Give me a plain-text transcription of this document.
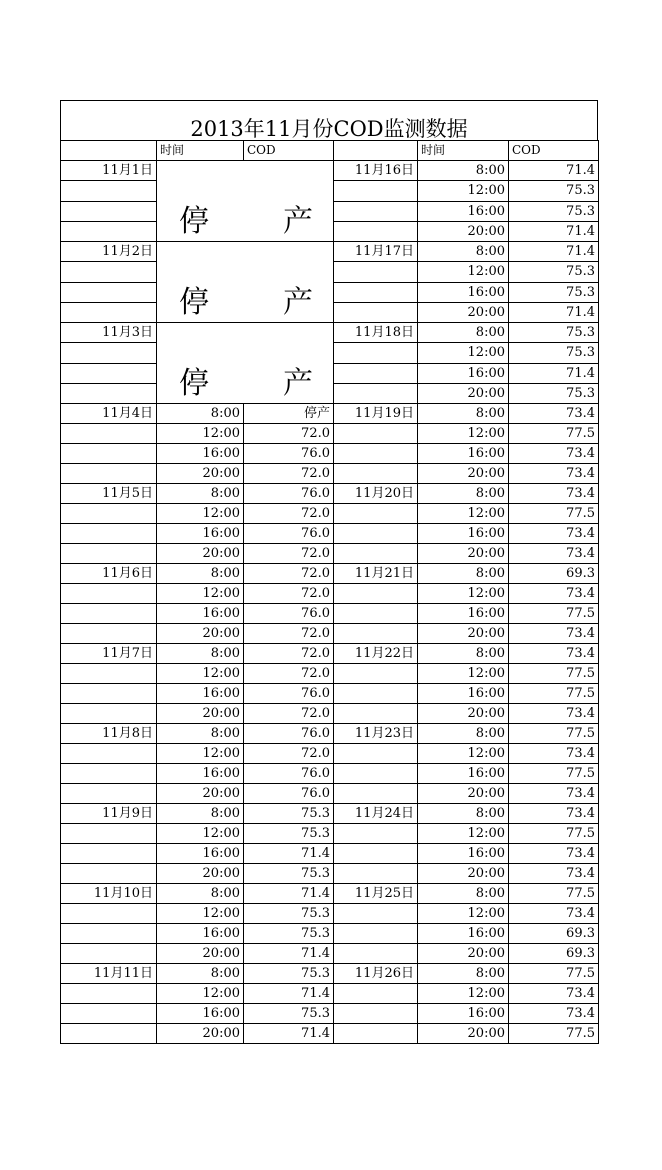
2013年11月份COD监测数据
	时间	COD		时间	COD
11月1日	停 产		11月16日	8:00	71.4
				12:00	75.3
				16:00	75.3
				20:00	71.4
11月2日	停 产		11月17日	8:00	71.4
				12:00	75.3
				16:00	75.3
				20:00	71.4
11月3日	停 产		11月18日	8:00	75.3
				12:00	75.3
				16:00	71.4
				20:00	75.3
11月4日	8:00	停产	11月19日	8:00	73.4
	12:00	72.0		12:00	77.5
	16:00	76.0		16:00	73.4
	20:00	72.0		20:00	73.4
11月5日	8:00	76.0	11月20日	8:00	73.4
	12:00	72.0		12:00	77.5
	16:00	76.0		16:00	73.4
	20:00	72.0		20:00	73.4
11月6日	8:00	72.0	11月21日	8:00	69.3
	12:00	72.0		12:00	73.4
	16:00	76.0		16:00	77.5
	20:00	72.0		20:00	73.4
11月7日	8:00	72.0	11月22日	8:00	73.4
	12:00	72.0		12:00	77.5
	16:00	76.0		16:00	77.5
	20:00	72.0		20:00	73.4
11月8日	8:00	76.0	11月23日	8:00	77.5
	12:00	72.0		12:00	73.4
	16:00	76.0		16:00	77.5
	20:00	76.0		20:00	73.4
11月9日	8:00	75.3	11月24日	8:00	73.4
	12:00	75.3		12:00	77.5
	16:00	71.4		16:00	73.4
	20:00	75.3		20:00	73.4
11月10日	8:00	71.4	11月25日	8:00	77.5
	12:00	75.3		12:00	73.4
	16:00	75.3		16:00	69.3
	20:00	71.4		20:00	69.3
11月11日	8:00	75.3	11月26日	8:00	77.5
	12:00	71.4		12:00	73.4
	16:00	75.3		16:00	73.4
	20:00	71.4		20:00	77.5
